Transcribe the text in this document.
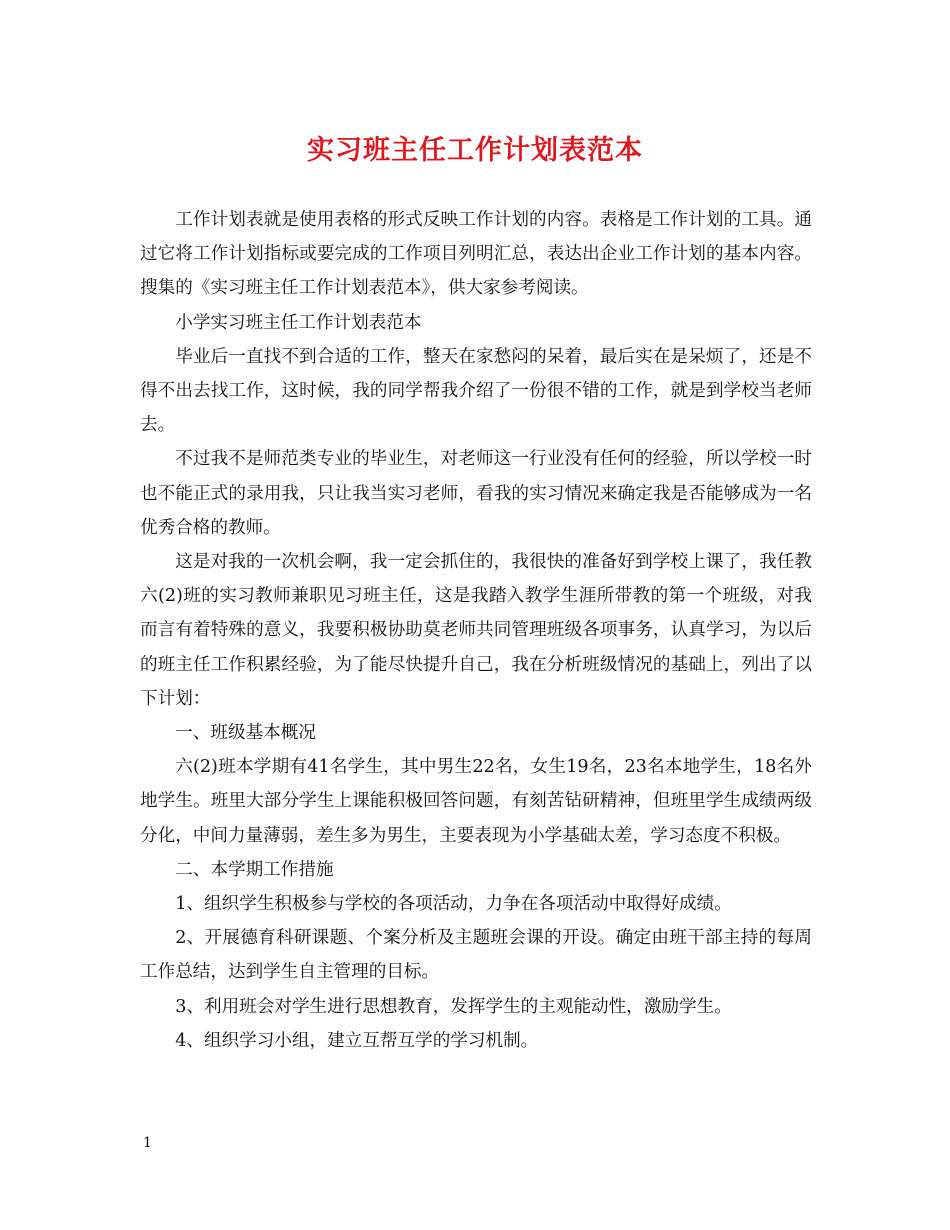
实习班主任工作计划表范本

工作计划表就是使用表格的形式反映工作计划的内容。表格是工作计划的工具。通过它将工作计划指标或要完成的工作项目列明汇总，表达出企业工作计划的基本内容。搜集的《实习班主任工作计划表范本》，供大家参考阅读。

小学实习班主任工作计划表范本

毕业后一直找不到合适的工作，整天在家愁闷的呆着，最后实在是呆烦了，还是不得不出去找工作，这时候，我的同学帮我介绍了一份很不错的工作，就是到学校当老师去。

不过我不是师范类专业的毕业生，对老师这一行业没有任何的经验，所以学校一时也不能正式的录用我，只让我当实习老师，看我的实习情况来确定我是否能够成为一名优秀合格的教师。

这是对我的一次机会啊，我一定会抓住的，我很快的准备好到学校上课了，我任教六(2)班的实习教师兼职见习班主任，这是我踏入教学生涯所带教的第一个班级，对我而言有着特殊的意义，我要积极协助莫老师共同管理班级各项事务，认真学习，为以后的班主任工作积累经验，为了能尽快提升自己，我在分析班级情况的基础上，列出了以下计划：

一、班级基本概况

六(2)班本学期有41名学生，其中男生22名，女生19名，23名本地学生，18名外地学生。班里大部分学生上课能积极回答问题，有刻苦钻研精神，但班里学生成绩两级分化，中间力量薄弱，差生多为男生，主要表现为小学基础太差，学习态度不积极。

二、本学期工作措施

1、组织学生积极参与学校的各项活动，力争在各项活动中取得好成绩。

2、开展德育科研课题、个案分析及主题班会课的开设。确定由班干部主持的每周工作总结，达到学生自主管理的目标。

3、利用班会对学生进行思想教育，发挥学生的主观能动性，激励学生。

4、组织学习小组，建立互帮互学的学习机制。

1
